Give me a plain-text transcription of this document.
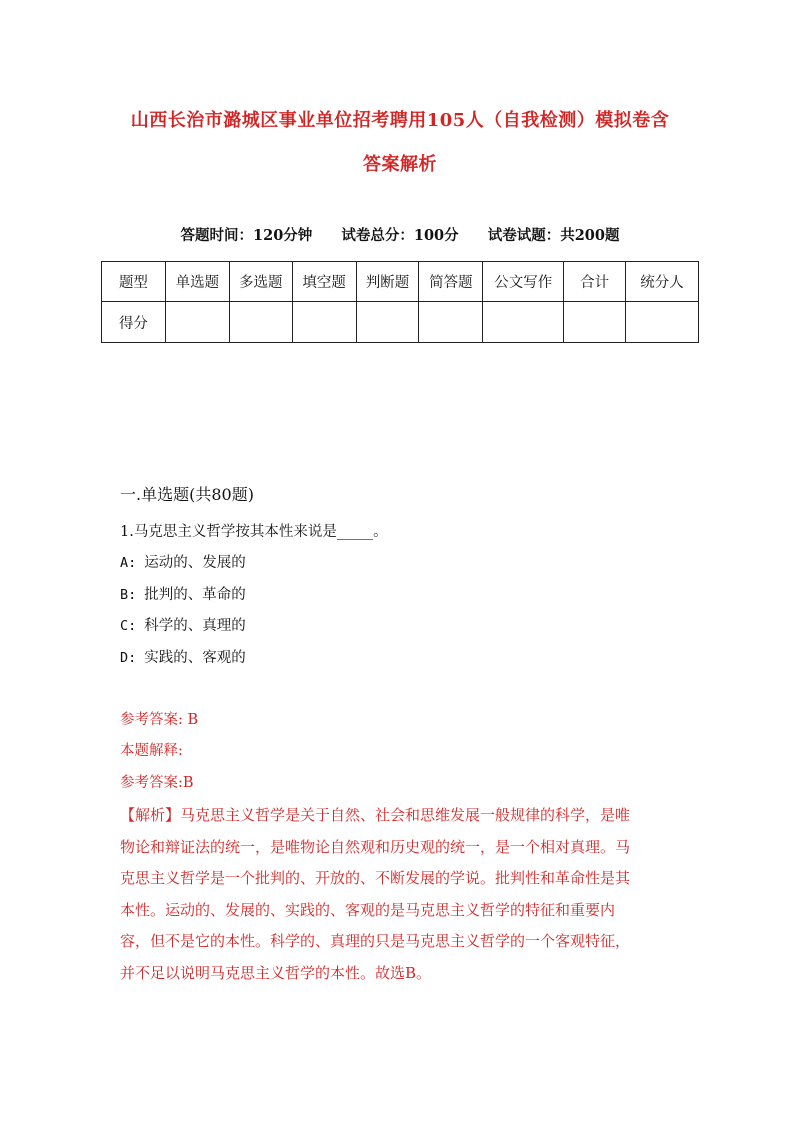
山西长治市潞城区事业单位招考聘用105人（自我检测）模拟卷含
答案解析
答题时间：120分钟 试卷总分：100分 试卷试题：共200题
题型	单选题	多选题	填空题	判断题	简答题	公文写作	合计	统分人
得分								
一.单选题(共80题)
1.马克思主义哲学按其本性来说是_____。
A: 运动的、发展的
B: 批判的、革命的
C: 科学的、真理的
D: 实践的、客观的
参考答案: B
本题解释:
参考答案:B
【解析】马克思主义哲学是关于自然、社会和思维发展一般规律的科学，是唯
物论和辩证法的统一，是唯物论自然观和历史观的统一，是一个相对真理。马
克思主义哲学是一个批判的、开放的、不断发展的学说。批判性和革命性是其
本性。运动的、发展的、实践的、客观的是马克思主义哲学的特征和重要内
容，但不是它的本性。科学的、真理的只是马克思主义哲学的一个客观特征，
并不足以说明马克思主义哲学的本性。故选B。
